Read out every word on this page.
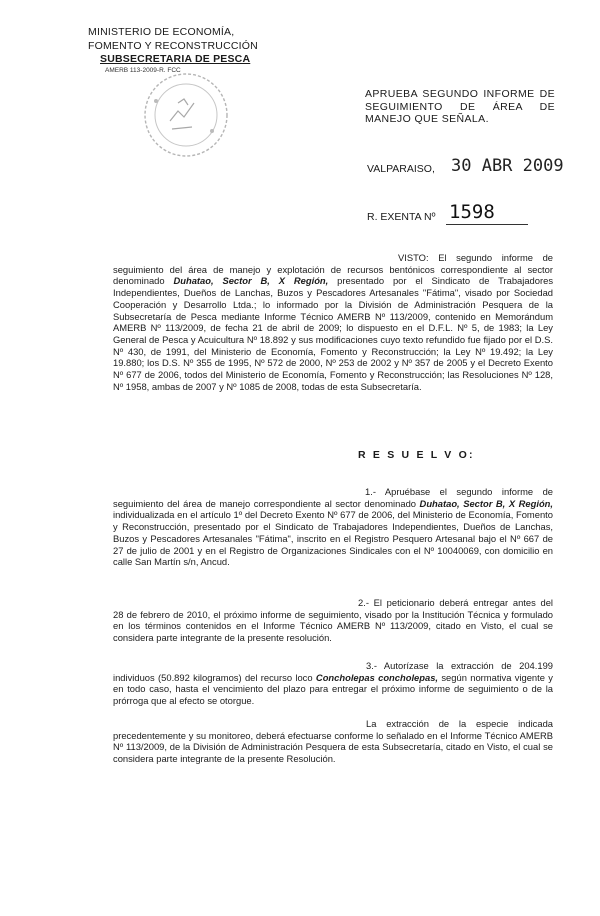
MINISTERIO DE ECONOMÍA,
FOMENTO Y RECONSTRUCCIÓN
SUBSECRETARIA DE PESCA
AMERB 113-2009-R. FCC
APRUEBA SEGUNDO INFORME DE SEGUIMIENTO DE ÁREA DE MANEJO QUE SEÑALA.
VALPARAISO, 30 ABR 2009
R. EXENTA Nº 1598
VISTO: El segundo informe de seguimiento del área de manejo y explotación de recursos bentónicos correspondiente al sector denominado Duhatao, Sector B, X Región, presentado por el Sindicato de Trabajadores Independientes, Dueños de Lanchas, Buzos y Pescadores Artesanales "Fátima", visado por Sociedad Cooperación y Desarrollo Ltda.; lo informado por la División de Administración Pesquera de la Subsecretaría de Pesca mediante Informe Técnico AMERB Nº 113/2009, contenido en Memorándum AMERB Nº 113/2009, de fecha 21 de abril de 2009; lo dispuesto en el D.F.L. Nº 5, de 1983; la Ley General de Pesca y Acuicultura Nº 18.892 y sus modificaciones cuyo texto refundido fue fijado por el D.S. Nº 430, de 1991, del Ministerio de Economía, Fomento y Reconstrucción; la Ley Nº 19.492; la Ley 19.880; los D.S. Nº 355 de 1995, Nº 572 de 2000, Nº 253 de 2002 y Nº 357 de 2005 y el Decreto Exento Nº 677 de 2006, todos del Ministerio de Economía, Fomento y Reconstrucción; las Resoluciones Nº 128, Nº 1958, ambas de 2007 y Nº 1085 de 2008, todas de esta Subsecretaría.
R E S U E L V O:
1.- Apruébase el segundo informe de seguimiento del área de manejo correspondiente al sector denominado Duhatao, Sector B, X Región, individualizada en el artículo 1º del Decreto Exento Nº 677 de 2006, del Ministerio de Economía, Fomento y Reconstrucción, presentado por el Sindicato de Trabajadores Independientes, Dueños de Lanchas, Buzos y Pescadores Artesanales "Fátima", inscrito en el Registro Pesquero Artesanal bajo el Nº 667 de 27 de julio de 2001 y en el Registro de Organizaciones Sindicales con el Nº 10040069, con domicilio en calle San Martín s/n, Ancud.
2.- El peticionario deberá entregar antes del 28 de febrero de 2010, el próximo informe de seguimiento, visado por la Institución Técnica y formulado en los términos contenidos en el Informe Técnico AMERB Nº 113/2009, citado en Visto, el cual se considera parte integrante de la presente resolución.
3.- Autorízase la extracción de 204.199 individuos (50.892 kilogramos) del recurso loco Concholepas concholepas, según normativa vigente y en todo caso, hasta el vencimiento del plazo para entregar el próximo informe de seguimiento o de la prórroga que al efecto se otorgue.
La extracción de la especie indicada precedentemente y su monitoreo, deberá efectuarse conforme lo señalado en el Informe Técnico AMERB Nº 113/2009, de la División de Administración Pesquera de esta Subsecretaría, citado en Visto, el cual se considera parte integrante de la presente Resolución.
